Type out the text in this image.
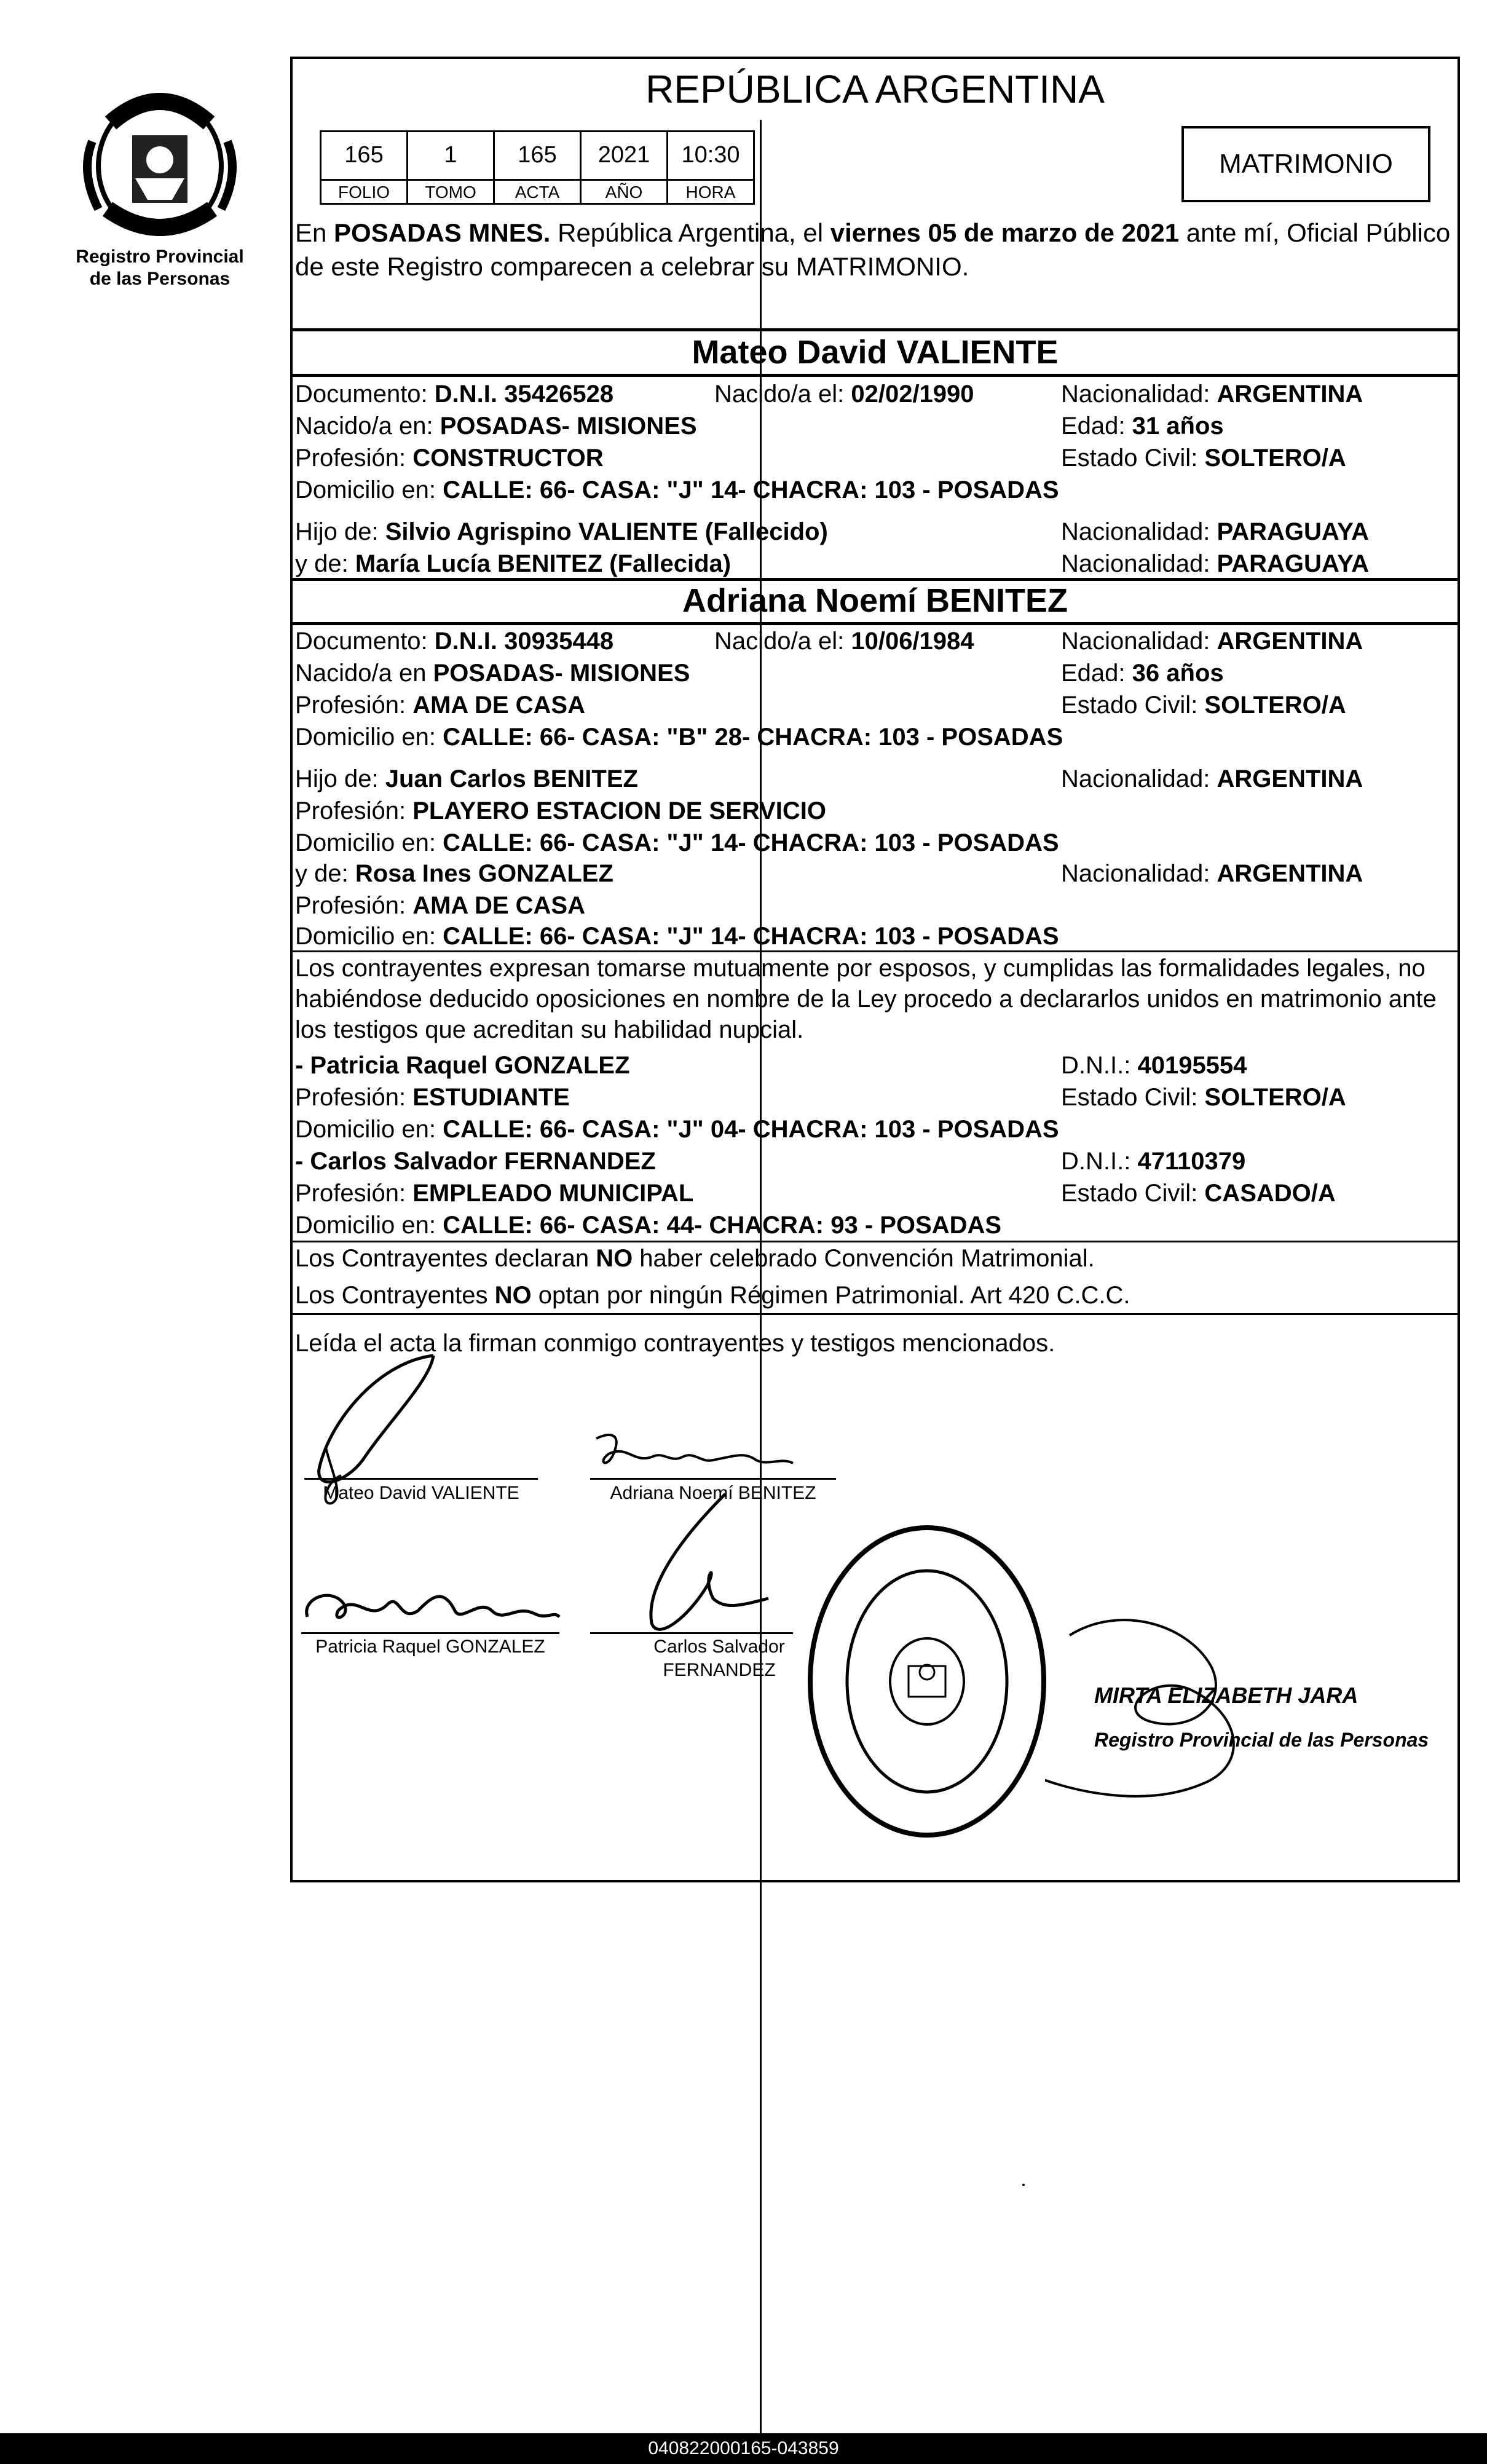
Registro Provincial
de las Personas
REPÚBLICA ARGENTINA
165	1	165	2021	10:30
FOLIO	TOMO	ACTA	AÑO	HORA
MATRIMONIO
En POSADAS MNES. República Argentina, el viernes 05 de marzo de 2021 ante mí, Oficial Público de este Registro comparecen a celebrar su MATRIMONIO.
Mateo David VALIENTE
Documento: D.N.I. 35426528	Nacido/a el: 02/02/1990	Nacionalidad: ARGENTINA
Nacido/a en: POSADAS- MISIONES	Edad: 31 años
Profesión: CONSTRUCTOR	Estado Civil: SOLTERO/A
Domicilio en: CALLE: 66- CASA: "J" 14- CHACRA: 103 - POSADAS
Hijo de: Silvio Agrispino VALIENTE (Fallecido)	Nacionalidad: PARAGUAYA
y de: María Lucía BENITEZ (Fallecida)	Nacionalidad: PARAGUAYA
Adriana Noemí BENITEZ
Documento: D.N.I. 30935448	Nacido/a el: 10/06/1984	Nacionalidad: ARGENTINA
Nacido/a en POSADAS- MISIONES	Edad: 36 años
Profesión: AMA DE CASA	Estado Civil: SOLTERO/A
Domicilio en: CALLE: 66- CASA: "B" 28- CHACRA: 103 - POSADAS
Hijo de: Juan Carlos BENITEZ	Nacionalidad: ARGENTINA
Profesión: PLAYERO ESTACION DE SERVICIO
Domicilio en: CALLE: 66- CASA: "J" 14- CHACRA: 103 - POSADAS
y de: Rosa Ines GONZALEZ	Nacionalidad: ARGENTINA
Profesión: AMA DE CASA
Domicilio en: CALLE: 66- CASA: "J" 14- CHACRA: 103 - POSADAS
Los contrayentes expresan tomarse mutuamente por esposos, y cumplidas las formalidades legales, no
habiéndose deducido oposiciones en nombre de la Ley procedo a declararlos unidos en matrimonio ante
los testigos que acreditan su habilidad nupcial.
- Patricia Raquel GONZALEZ	D.N.I.: 40195554
Profesión: ESTUDIANTE	Estado Civil: SOLTERO/A
Domicilio en: CALLE: 66- CASA: "J" 04- CHACRA: 103 - POSADAS
- Carlos Salvador FERNANDEZ	D.N.I.: 47110379
Profesión: EMPLEADO MUNICIPAL	Estado Civil: CASADO/A
Domicilio en: CALLE: 66- CASA: 44- CHACRA: 93 - POSADAS
Los Contrayentes declaran NO haber celebrado Convención Matrimonial.
Los Contrayentes NO optan por ningún Régimen Patrimonial. Art 420 C.C.C.
Leída el acta la firman conmigo contrayentes y testigos mencionados.
Mateo David VALIENTE	Adriana Noemí BENITEZ
Patricia Raquel GONZALEZ	Carlos Salvador
FERNANDEZ
MIRTA ELIZABETH JARA
Registro Provincial de las Personas
040822000165-043859
